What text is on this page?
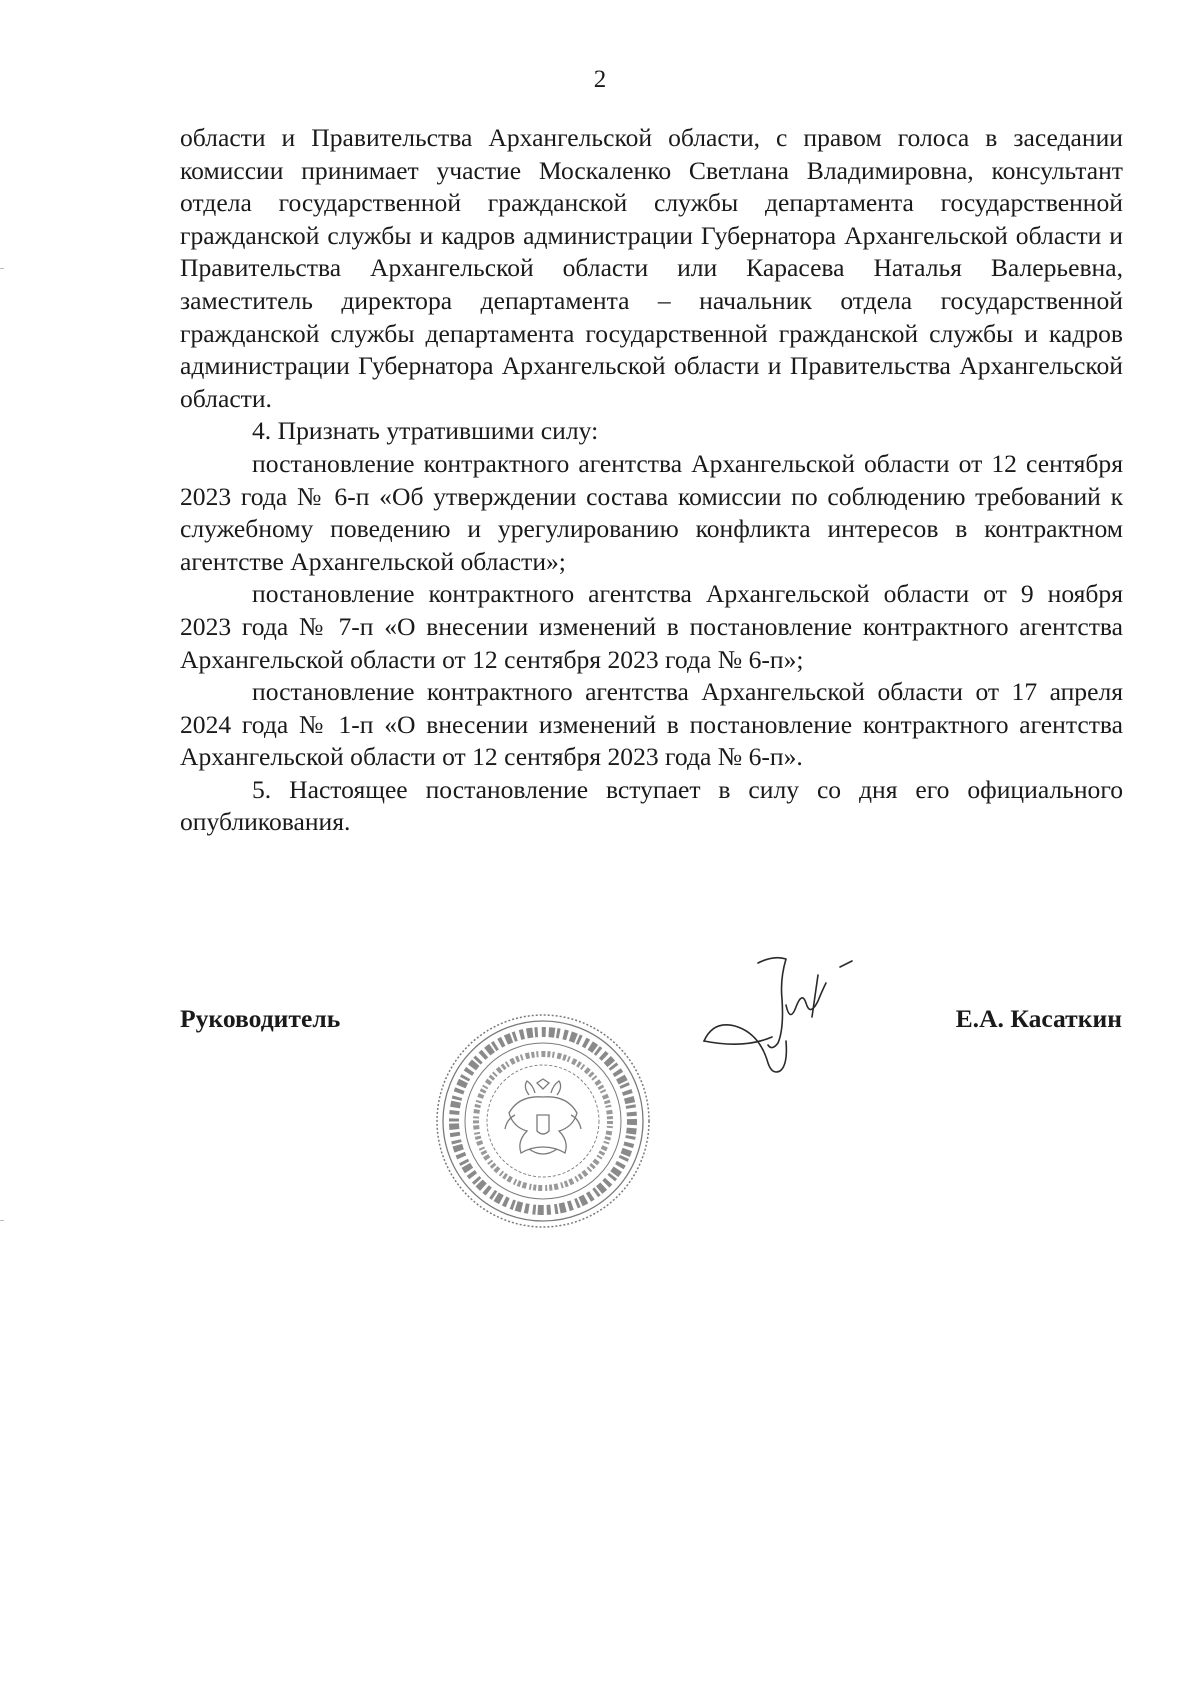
2

области и Правительства Архангельской области, с правом голоса в заседании комиссии принимает участие Москаленко Светлана Владимировна, консультант отдела государственной гражданской службы департамента государственной гражданской службы и кадров администрации Губернатора Архангельской области и Правительства Архангельской области или Карасева Наталья Валерьевна, заместитель директора департамента – начальник отдела государственной гражданской службы департамента государственной гражданской службы и кадров администрации Губернатора Архангельской области и Правительства Архангельской области.

4. Признать утратившими силу:

постановление контрактного агентства Архангельской области от 12 сентября 2023 года № 6-п «Об утверждении состава комиссии по соблюдению требований к служебному поведению и урегулированию конфликта интересов в контрактном агентстве Архангельской области»;

постановление контрактного агентства Архангельской области от 9 ноября 2023 года № 7-п «О внесении изменений в постановление контрактного агентства Архангельской области от 12 сентября 2023 года № 6-п»;

постановление контрактного агентства Архангельской области от 17 апреля 2024 года № 1-п «О внесении изменений в постановление контрактного агентства Архангельской области от 12 сентября 2023 года № 6-п».

5. Настоящее постановление вступает в силу со дня его официального опубликования.

Руководитель	Е.А. Касаткин
